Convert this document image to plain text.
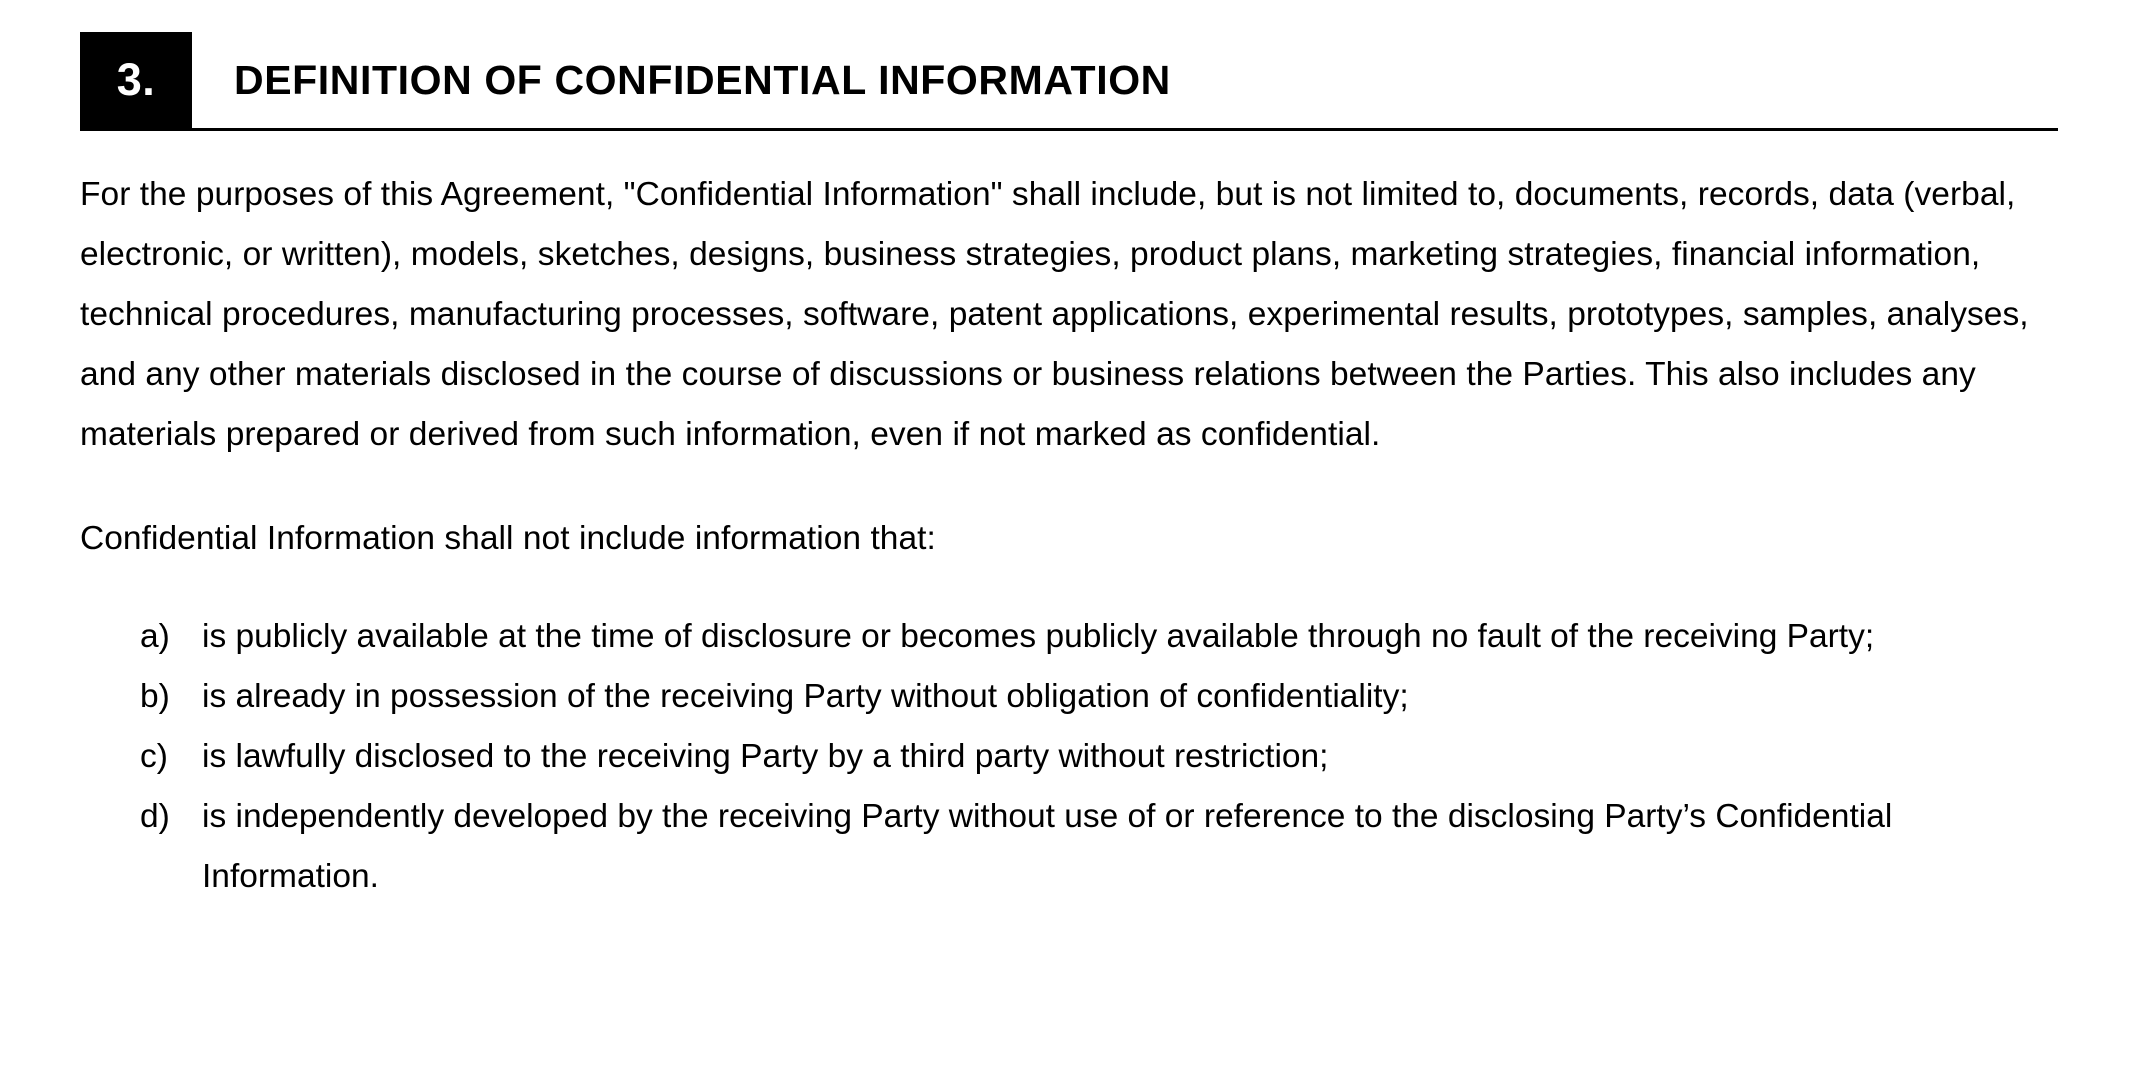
3.	DEFINITION OF CONFIDENTIAL INFORMATION
For the purposes of this Agreement, "Confidential Information" shall include, but is not limited to, documents, records, data (verbal, electronic, or written), models, sketches, designs, business strategies, product plans, marketing strategies, financial information, technical procedures, manufacturing processes, software, patent applications, experimental results, prototypes, samples, analyses, and any other materials disclosed in the course of discussions or business relations between the Parties. This also includes any materials prepared or derived from such information, even if not marked as confidential.
Confidential Information shall not include information that:
a) is publicly available at the time of disclosure or becomes publicly available through no fault of the receiving Party;
b) is already in possession of the receiving Party without obligation of confidentiality;
c)	is lawfully disclosed to the receiving Party by a third party without restriction;
d) is independently developed by the receiving Party without use of or reference to the disclosing Party’s Confidential Information.
